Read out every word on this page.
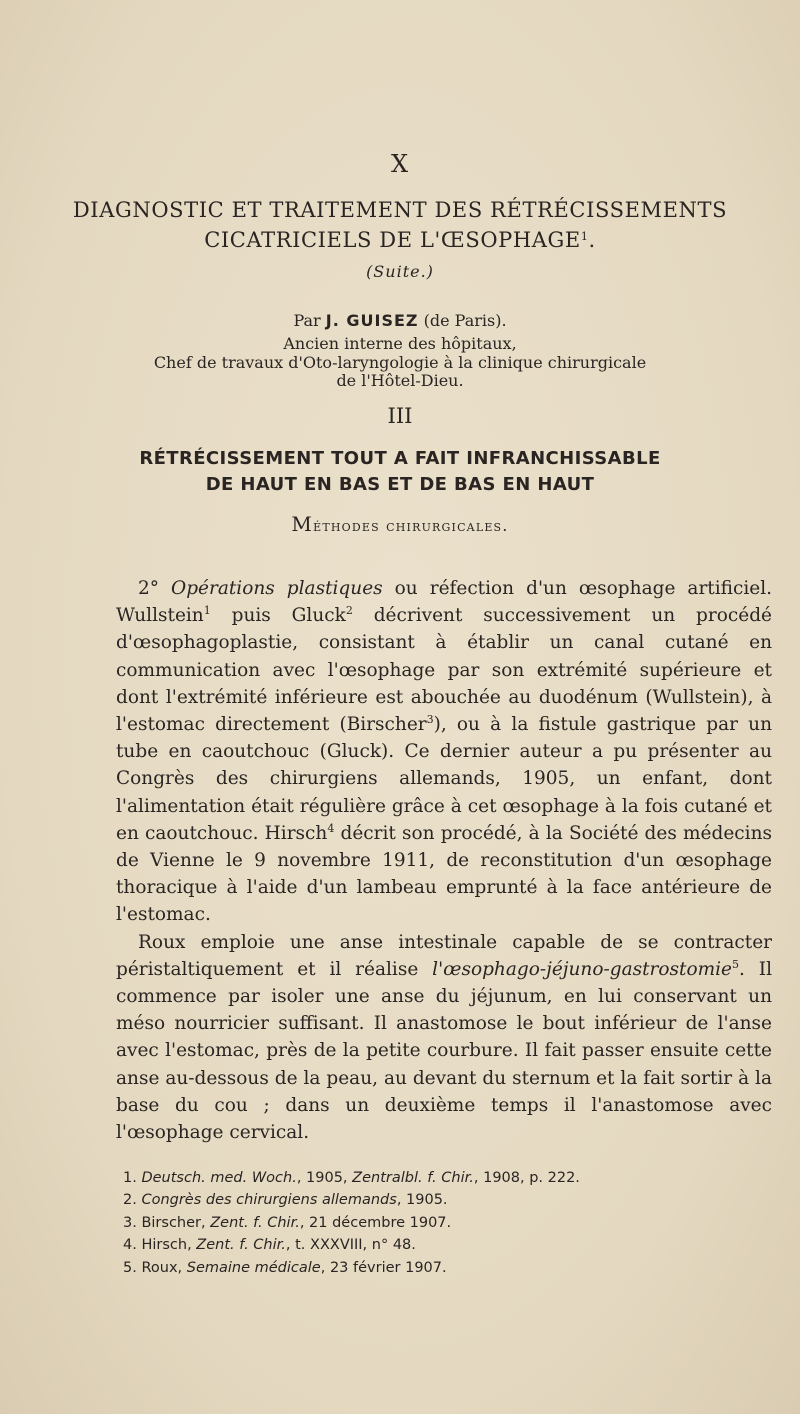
X
DIAGNOSTIC ET TRAITEMENT DES RÉTRÉCISSEMENTS
CICATRICIELS DE L'ŒSOPHAGE$^1$.
(Suite.)
Par J. GUISEZ (de Paris).
Ancien interne des hôpitaux,
Chef de travaux d'Oto-laryngologie à la clinique chirurgicale
de l'Hôtel-Dieu.
III
RÉTRÉCISSEMENT TOUT A FAIT INFRANCHISSABLE
DE HAUT EN BAS ET DE BAS EN HAUT
Méthodes chirurgicales.

2° Opérations plastiques ou réfection d'un œsophage artificiel. Wullstein$^1$ puis Gluck$^2$ décrivent successivement un procédé d'œsophagoplastie, consistant à établir un canal cutané en communication avec l'œsophage par son extrémité supérieure et dont l'extrémité inférieure est abouchée au duodénum (Wullstein), à l'estomac directement (Birscher$^3$), ou à la fistule gastrique par un tube en caoutchouc (Gluck). Ce dernier auteur a pu présenter au Congrès des chirurgiens allemands, 1905, un enfant, dont l'alimentation était régulière grâce à cet œsophage à la fois cutané et en caoutchouc. Hirsch$^4$ décrit son procédé, à la Société des médecins de Vienne le 9 novembre 1911, de reconstitution d'un œsophage thoracique à l'aide d'un lambeau emprunté à la face antérieure de l'estomac.

Roux emploie une anse intestinale capable de se contracter péristaltiquement et il réalise l'œsophago-jéjuno-gastrostomie$^5$. Il commence par isoler une anse du jéjunum, en lui conservant un méso nourricier suffisant. Il anastomose le bout inférieur de l'anse avec l'estomac, près de la petite courbure. Il fait passer ensuite cette anse au-dessous de la peau, au devant du sternum et la fait sortir à la base du cou ; dans un deuxième temps il l'anastomose avec l'œsophage cervical.

1. Deutsch. med. Woch., 1905, Zentralbl. f. Chir., 1908, p. 222.
2. Congrès des chirurgiens allemands, 1905.
3. Birscher, Zent. f. Chir., 21 décembre 1907.
4. Hirsch, Zent. f. Chir., t. XXXVIII, n° 48.
5. Roux, Semaine médicale, 23 février 1907.
